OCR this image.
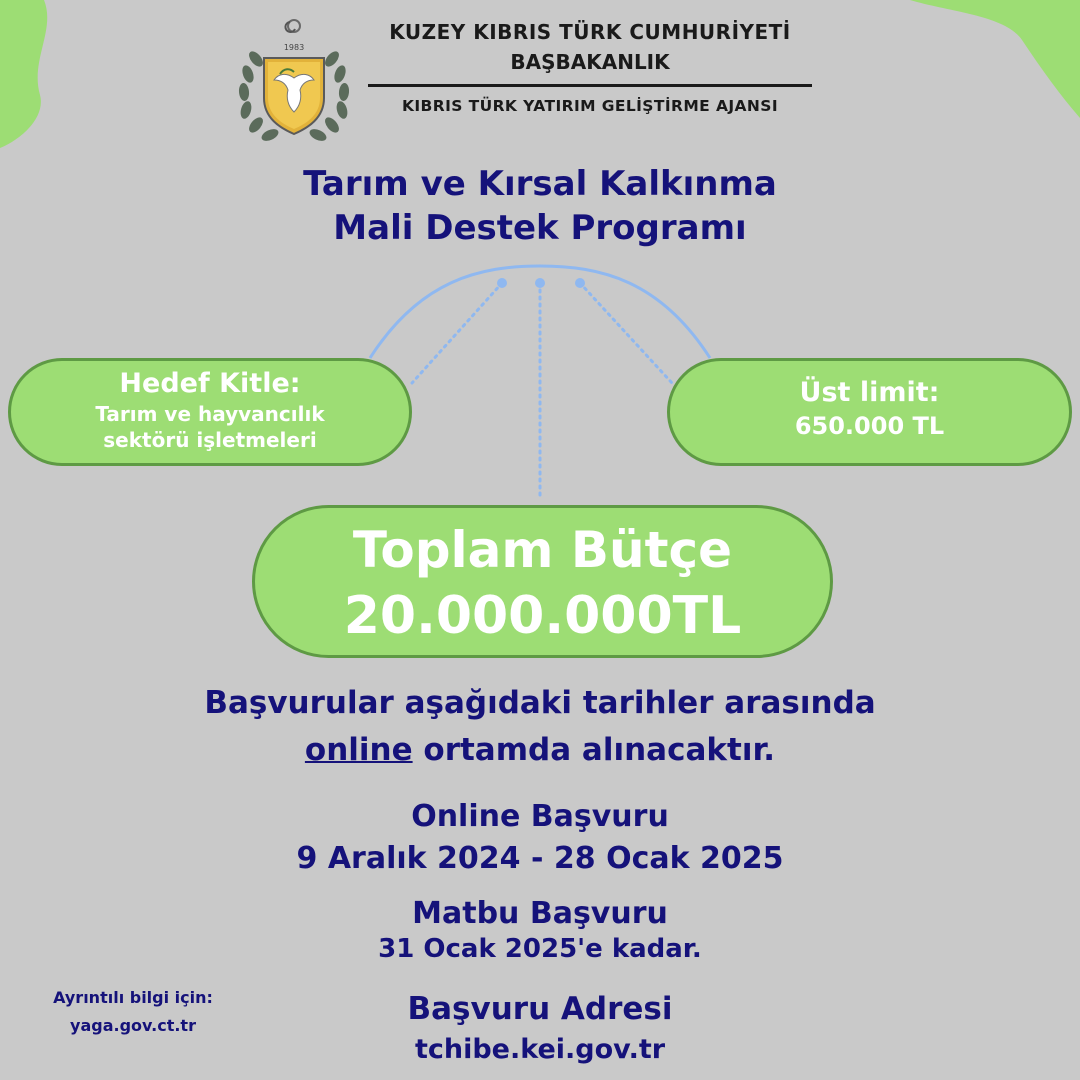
1983
KUZEY KIBRIS TÜRK CUMHURİYETİ
BAŞBAKANLIK
KIBRIS TÜRK YATIRIM GELİŞTİRME AJANSI
Tarım ve Kırsal Kalkınma
Mali Destek Programı
Hedef Kitle:
Tarım ve hayvancılık
sektörü işletmeleri
Üst limit:
650.000 TL
Toplam Bütçe
20.000.000TL
Başvurular aşağıdaki tarihler arasında
online ortamda alınacaktır.
Online Başvuru
9 Aralık 2024 - 28 Ocak 2025
Matbu Başvuru
31 Ocak 2025'e kadar.
Başvuru Adresi
tchibe.kei.gov.tr
Ayrıntılı bilgi için:
yaga.gov.ct.tr
